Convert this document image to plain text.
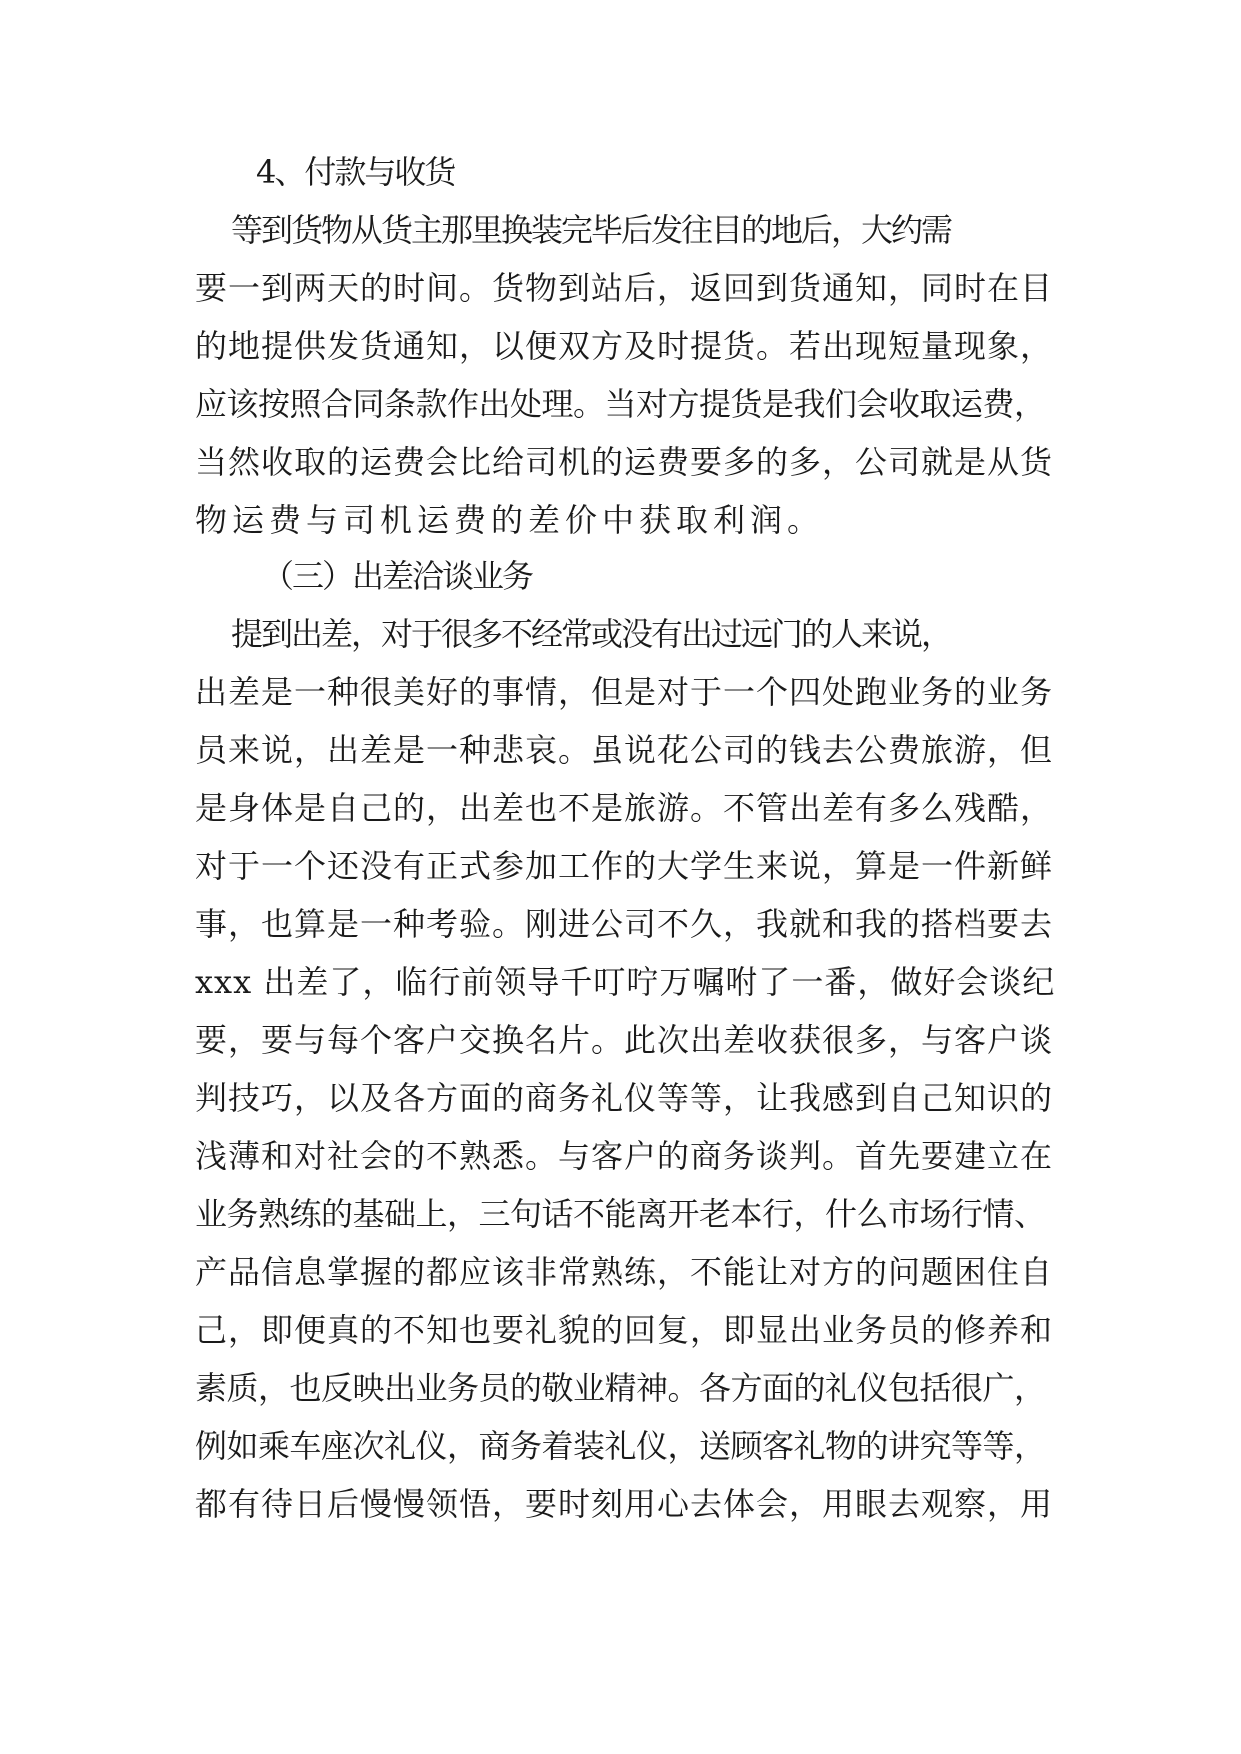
4、付款与收货
等到货物从货主那里换装完毕后发往目的地后，大约需
要一到两天的时间。货物到站后，返回到货通知，同时在目
的地提供发货通知，以便双方及时提货。若出现短量现象，
应该按照合同条款作出处理。当对方提货是我们会收取运费，
当然收取的运费会比给司机的运费要多的多，公司就是从货
物运费与司机运费的差价中获取利润。
（三）出差洽谈业务
提到出差，对于很多不经常或没有出过远门的人来说，
出差是一种很美好的事情，但是对于一个四处跑业务的业务
员来说，出差是一种悲哀。虽说花公司的钱去公费旅游，但
是身体是自己的，出差也不是旅游。不管出差有多么残酷，
对于一个还没有正式参加工作的大学生来说，算是一件新鲜
事，也算是一种考验。刚进公司不久，我就和我的搭档要去
xxx 出差了，临行前领导千叮咛万嘱咐了一番，做好会谈纪
要，要与每个客户交换名片。此次出差收获很多，与客户谈
判技巧，以及各方面的商务礼仪等等，让我感到自己知识的
浅薄和对社会的不熟悉。与客户的商务谈判。首先要建立在
业务熟练的基础上，三句话不能离开老本行，什么市场行情、
产品信息掌握的都应该非常熟练，不能让对方的问题困住自
己，即便真的不知也要礼貌的回复，即显出业务员的修养和
素质，也反映出业务员的敬业精神。各方面的礼仪包括很广，
例如乘车座次礼仪，商务着装礼仪，送顾客礼物的讲究等等，
都有待日后慢慢领悟，要时刻用心去体会，用眼去观察，用
